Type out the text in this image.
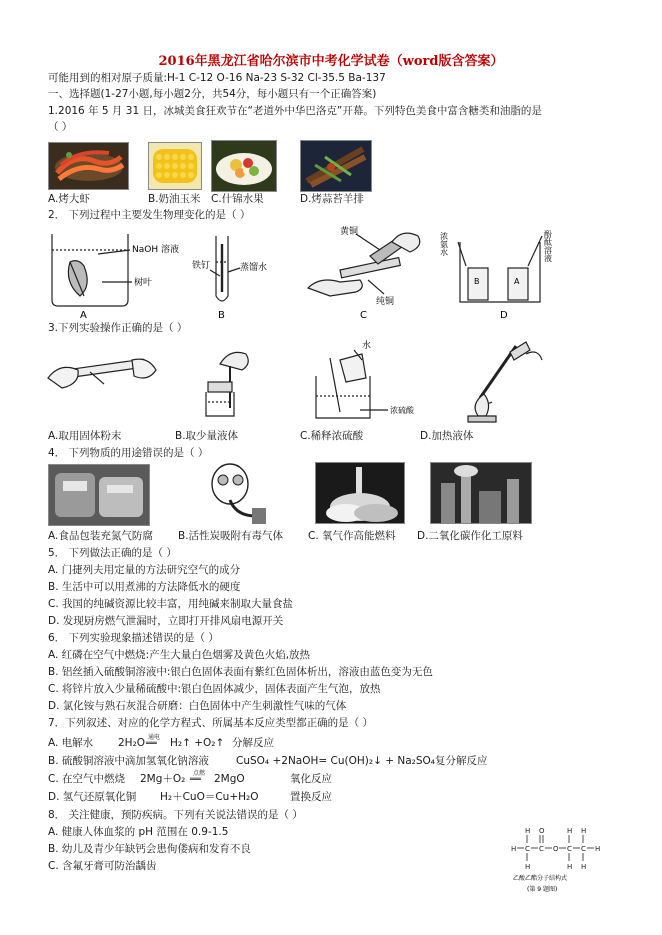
2016年黑龙江省哈尔滨市中考化学试卷（word版含答案）
可能用到的相对原子质量:H-1 C-12 O-16 Na-23 S-32 Cl-35.5 Ba-137
一、选择题(1-27小题,每小题2分，共54分，每小题只有一个正确答案)
1.2016 年 5 月 31 日，冰城美食狂欢节在“老道外中华巴洛克”开幕。下列特色美食中富含糖类和油脂的是
（ ）
A.烤大虾	B.奶油玉米 C.什锦水果	D.烤蒜苔羊排
2． 下列过程中主要发生物理变化的是（ ）
NaOH 溶液
树叶
A
铁钉	蒸馏水
B
黄铜
纯铜
C
浓氨水	酚酞溶液
B	A
D
3.下列实验操作正确的是（ ）
水
浓硫酸
A.取用固体粉末	B.取少量液体	C.稀释浓硫酸	D.加热液体
4． 下列物质的用途错误的是（ ）
A.食品包装充氮气防腐 B.活性炭吸附有毒气体 C. 氧气作高能燃料 D.二氧化碳作化工原料
5． 下列做法正确的是（ ）
A. 门捷列夫用定量的方法研究空气的成分
B. 生活中可以用煮沸的方法降低水的硬度
C. 我国的纯碱资源比较丰富，用纯碱来制取大量食盐
D. 发现厨房燃气泄漏时，立即打开排风扇电源开关
6． 下列实验现象描述错误的是（ ）
A. 红磷在空气中燃烧:产生大量白色烟雾及黄色火焰,放热
B. 铝丝插入硫酸铜溶液中:银白色固体表面有紫红色固体析出，溶液由蓝色变为无色
C. 将锌片放入少量稀硫酸中:银白色固体减少，固体表面产生气泡，放热
D. 氯化铵与熟石灰混合研磨：白色固体中产生刺激性气味的气体
7．下列叙述、对应的化学方程式、所属基本反应类型都正确的是（ ）
A. 电解水 2H₂O 通电
══ H₂↑ +O₂↑ 分解反应
B. 硫酸铜溶液中滴加氢氧化钠溶液	CuSO₄ +2NaOH= Cu(OH)₂↓ + Na₂SO₄ 复分解反应
C. 在空气中燃烧 2Mg＋O₂ 点燃
══ 2MgO	氧化反应
D. 氢气还原氧化铜 H₂＋CuO＝Cu+H₂O	置换反应
8． 关注健康，预防疾病。下列有关说法错误的是（ ）
A. 健康人体血浆的 pH 范围在 0.9-1.5
B. 幼儿及青少年缺钙会患佝偻病和发育不良
C. 含氟牙膏可防治龋齿
H O	H H
H C C O C C H
H	H H
乙酸乙酯分子结构式
(第 9 题图)
